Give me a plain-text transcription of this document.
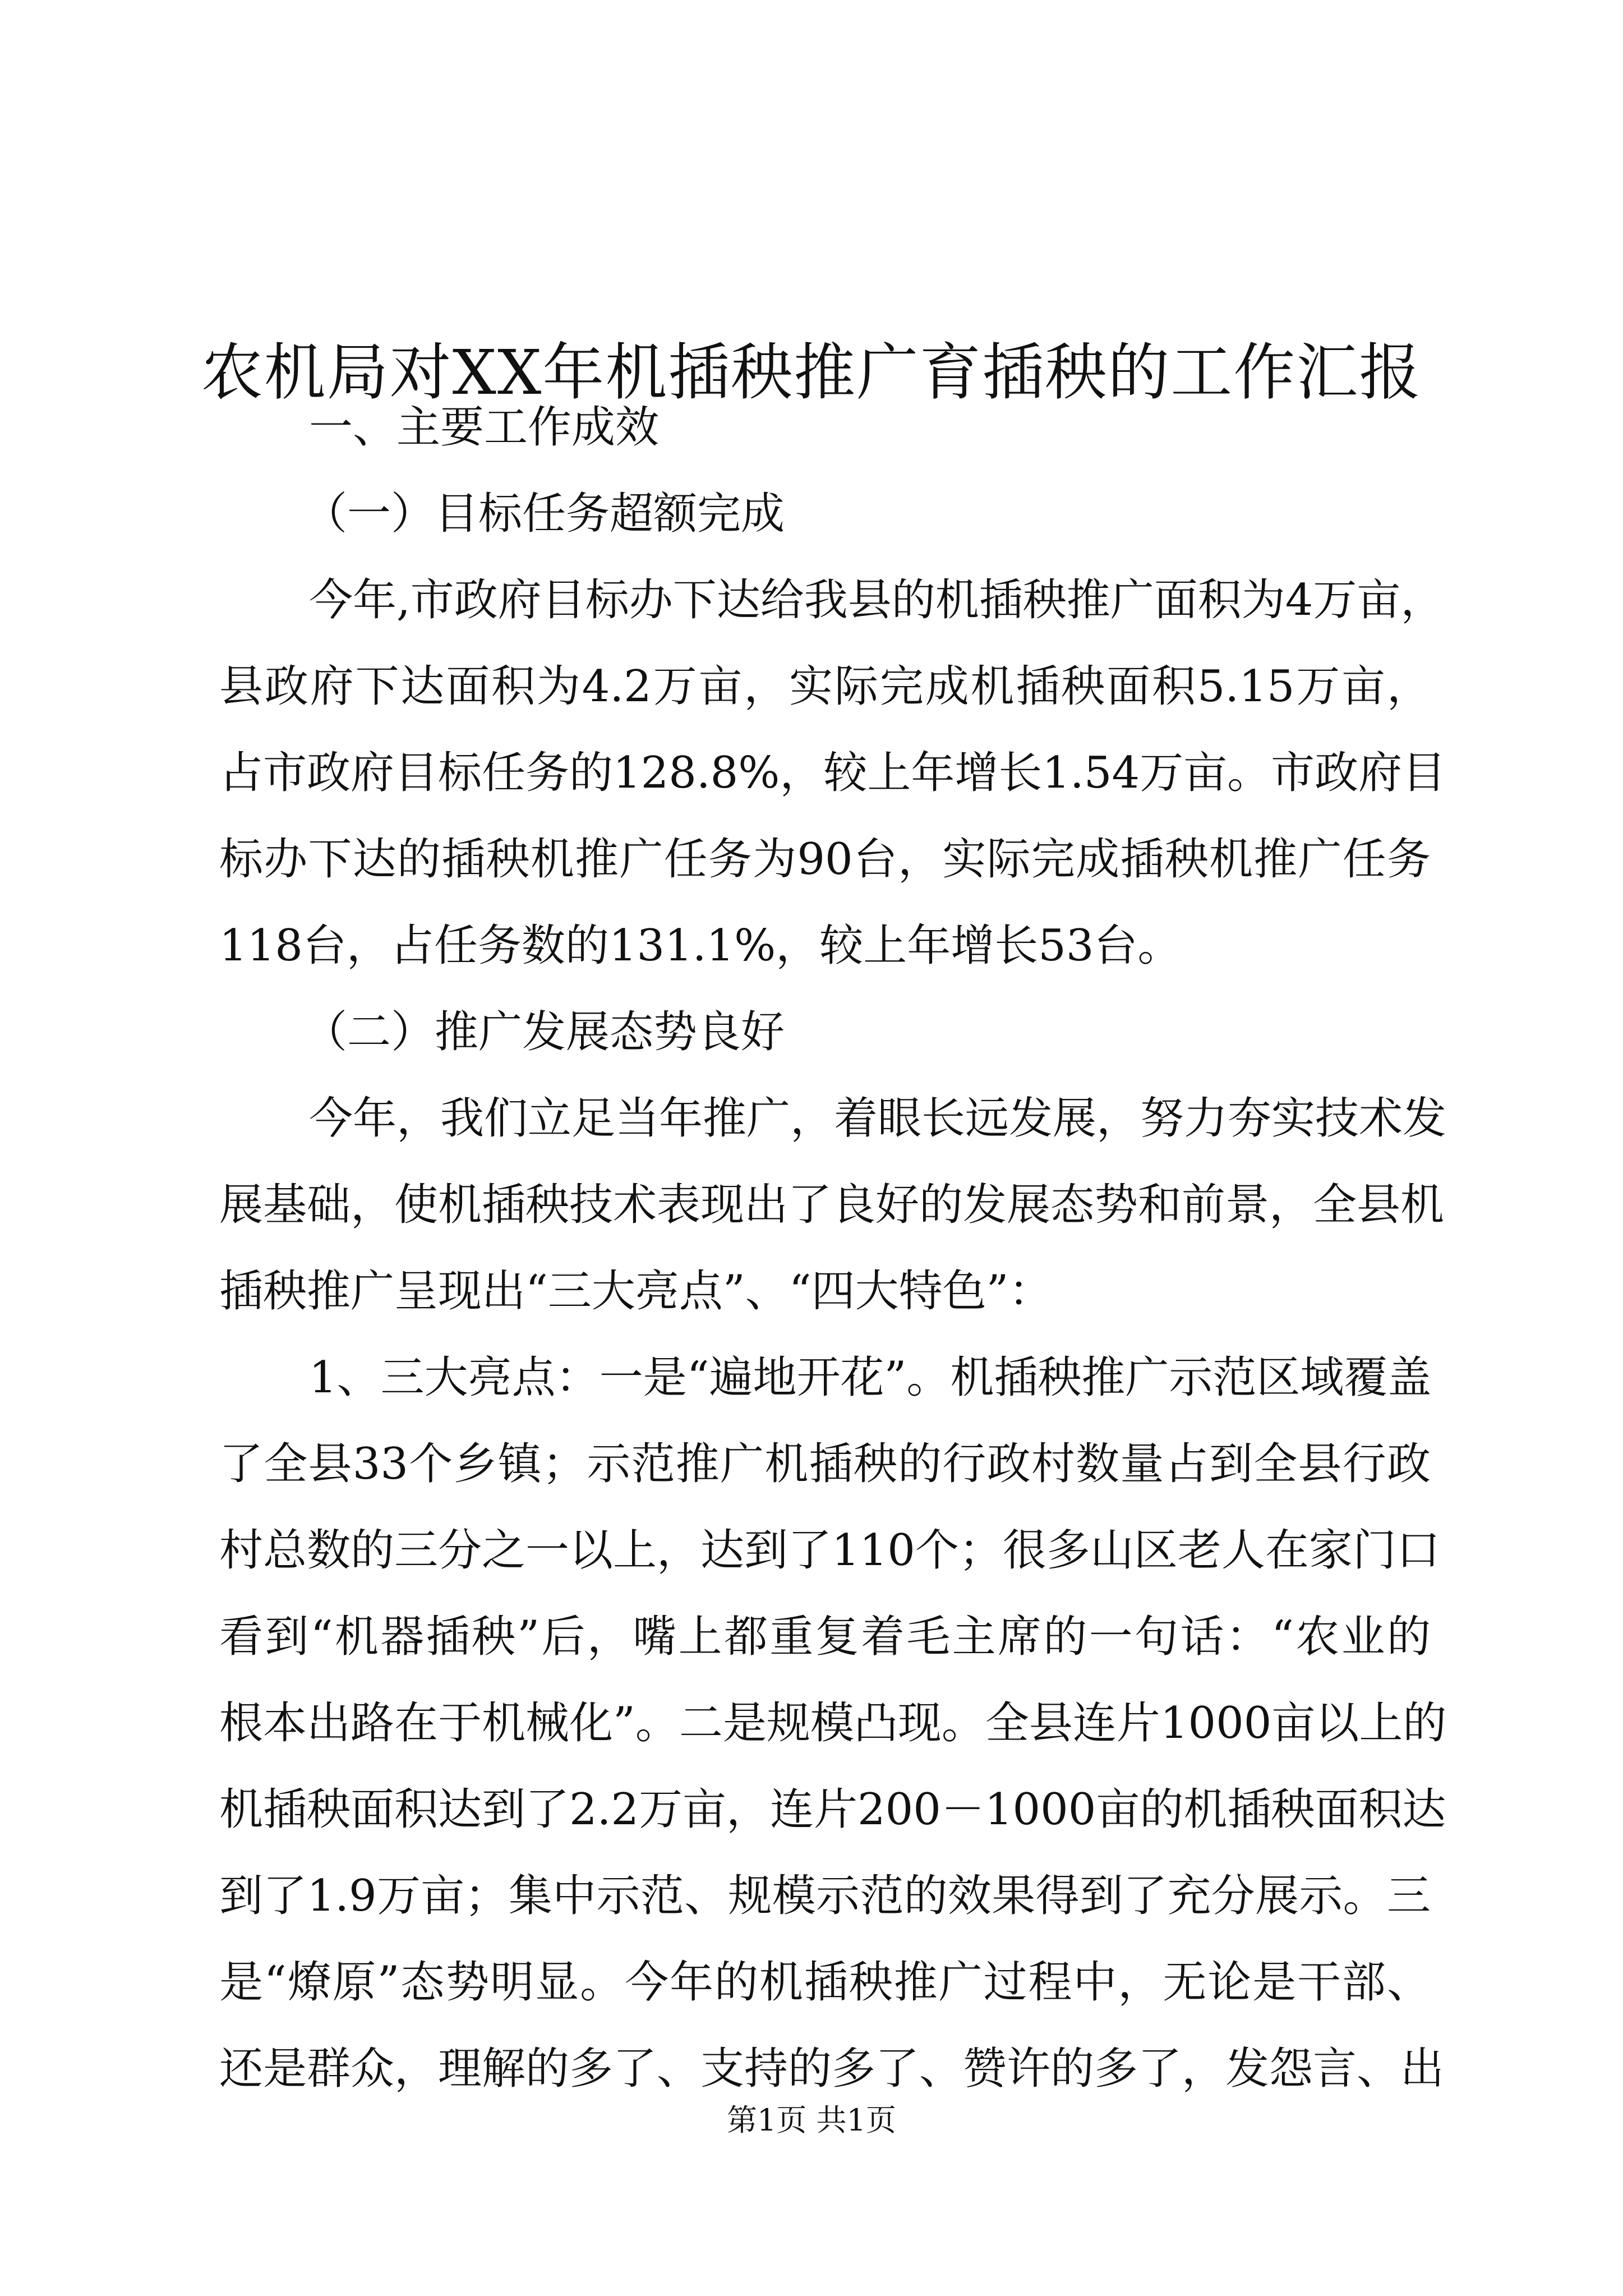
农机局对XX年机插秧推广育插秧的工作汇报
一、主要工作成效
（一）目标任务超额完成
今年,市政府目标办下达给我县的机插秧推广面积为4万亩，
县政府下达面积为4.2万亩，实际完成机插秧面积5.15万亩，
占市政府目标任务的128.8%，较上年增长1.54万亩。市政府目
标办下达的插秧机推广任务为90台，实际完成插秧机推广任务
118台，占任务数的131.1%，较上年增长53台。
（二）推广发展态势良好
今年，我们立足当年推广，着眼长远发展，努力夯实技术发
展基础，使机插秧技术表现出了良好的发展态势和前景，全县机
插秧推广呈现出“三大亮点”、“四大特色”：
1、三大亮点：一是“遍地开花”。机插秧推广示范区域覆盖
了全县33个乡镇；示范推广机插秧的行政村数量占到全县行政
村总数的三分之一以上，达到了110个；很多山区老人在家门口
看到“机器插秧”后，嘴上都重复着毛主席的一句话：“农业的
根本出路在于机械化”。二是规模凸现。全县连片1000亩以上的
机插秧面积达到了2.2万亩，连片200－1000亩的机插秧面积达
到了1.9万亩；集中示范、规模示范的效果得到了充分展示。三
是“燎原”态势明显。今年的机插秧推广过程中，无论是干部、
还是群众，理解的多了、支持的多了、赞许的多了，发怨言、出
第1页 共1页
